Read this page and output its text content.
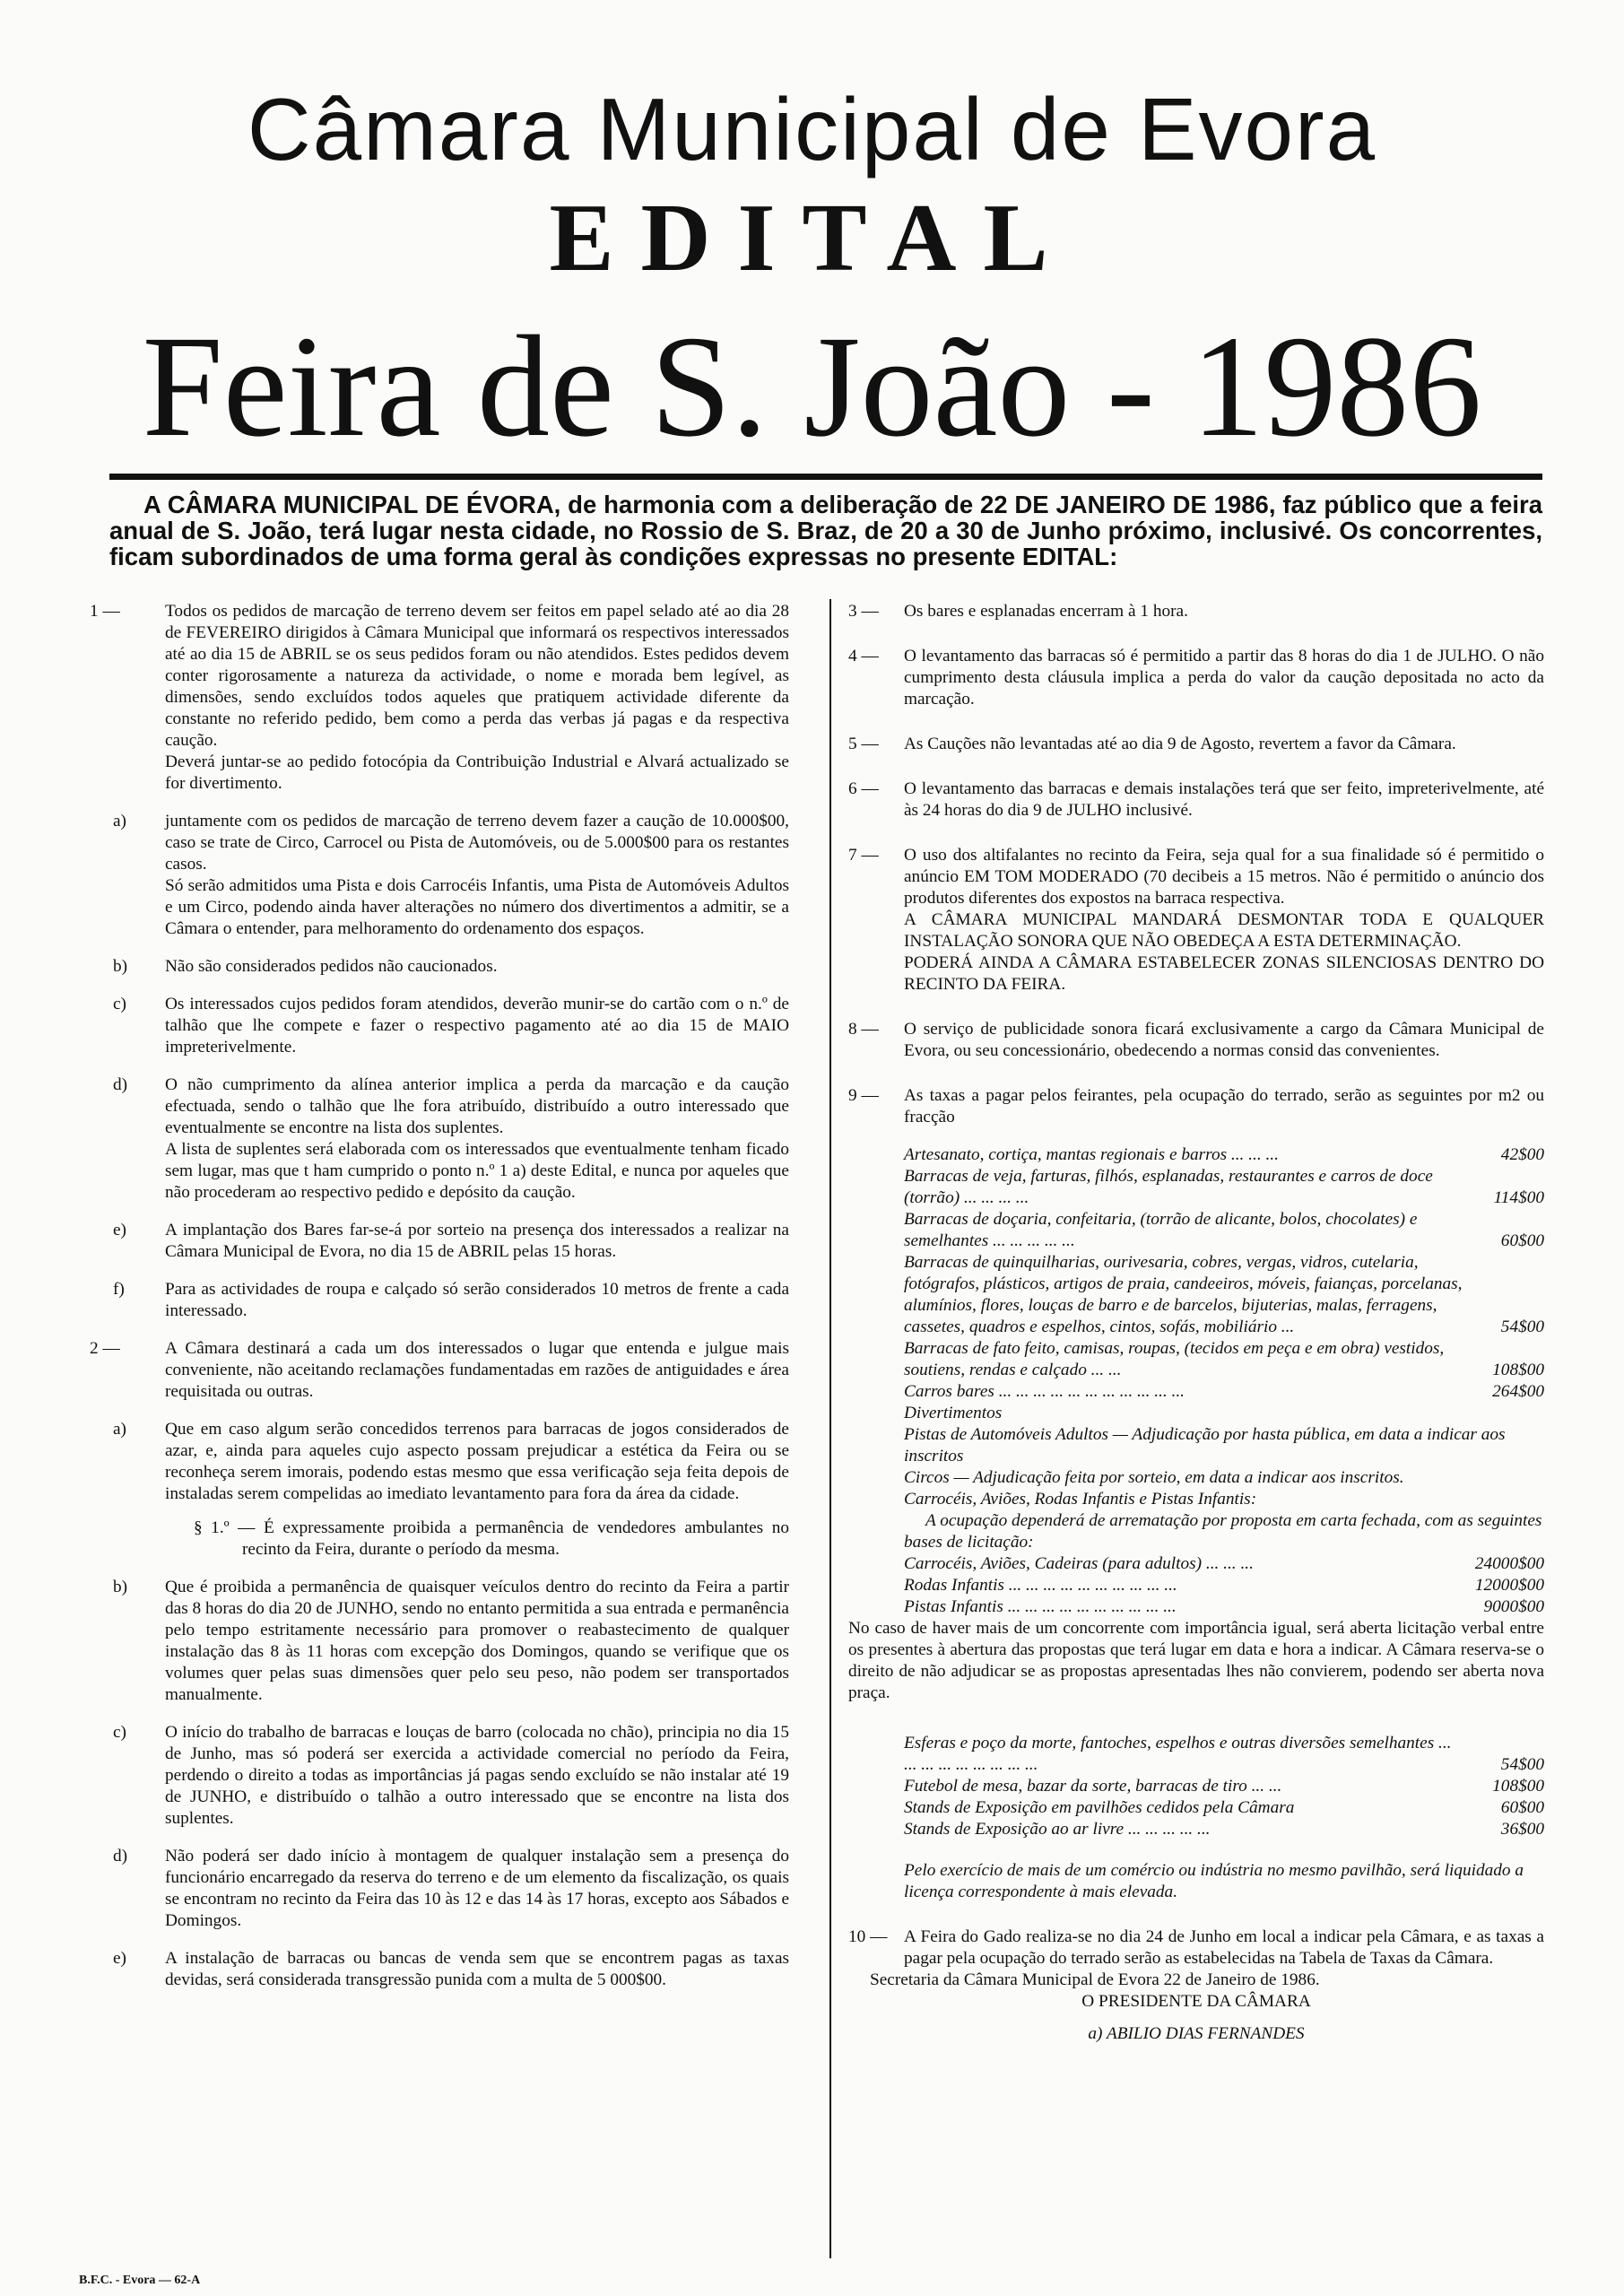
Câmara Municipal de Evora
EDITAL
Feira de S. João - 1986
A CÂMARA MUNICIPAL DE ÉVORA, de harmonia com a deliberação de 22 DE JANEIRO DE 1986, faz público que a feira anual de S. João, terá lugar nesta cidade, no Rossio de S. Braz, de 20 a 30 de Junho próximo, inclusivé. Os concorrentes, ficam subordinados de uma forma geral às condições expressas no presente EDITAL:
1 —	Todos os pedidos de marcação de terreno devem ser feitos em papel selado até ao dia 28 de FEVEREIRO dirigidos à Câmara Municipal que informará os respectivos interessados até ao dia 15 de ABRIL se os seus pedidos foram ou não atendidos. Estes pedidos devem conter rigorosamente a natureza da actividade, o nome e morada bem legível, as dimensões, sendo excluídos todos aqueles que pratiquem actividade diferente da constante no referido pedido, bem como a perda das verbas já pagas e da respectiva caução.

Deverá juntar-se ao pedido fotocópia da Contribuição Industrial e Alvará actualizado se for divertimento.

a) juntamente com os pedidos de marcação de terreno devem fazer a caução de 10.000$00, caso se trate de Circo, Carrocel ou Pista de Automóveis, ou de 5.000$00 para os restantes casos.

Só serão admitidos uma Pista e dois Carrocéis Infantis, uma Pista de Automóveis Adultos e um Circo, podendo ainda haver alterações no número dos divertimentos a admitir, se a Câmara o entender, para melhoramento do ordenamento dos espaços.

b) Não são considerados pedidos não caucionados.

c) Os interessados cujos pedidos foram atendidos, deverão munir-se do cartão com o n.º de talhão que lhe compete e fazer o respectivo pagamento até ao dia 15 de MAIO impreterivelmente.

d) O não cumprimento da alínea anterior implica a perda da marcação e da caução efectuada, sendo o talhão que lhe fora atribuído, distribuído a outro interessado que eventualmente se encontre na lista dos suplentes.

A lista de suplentes será elaborada com os interessados que eventualmente tenham ficado sem lugar, mas que t ham cumprido o ponto n.º 1 a) deste Edital, e nunca por aqueles que não procederam ao respectivo pedido e depósito da caução.

e) A implantação dos Bares far-se-á por sorteio na presença dos interessados a realizar na Câmara Municipal de Evora, no dia 15 de ABRIL pelas 15 horas.

f) Para as actividades de roupa e calçado só serão considerados 10 metros de frente a cada interessado.

2 —	A Câmara destinará a cada um dos interessados o lugar que entenda e julgue mais conveniente, não aceitando reclamações fundamentadas em razões de antiguidades e área requisitada ou outras.

a) Que em caso algum serão concedidos terrenos para barracas de jogos considerados de azar, e, ainda para aqueles cujo aspecto possam prejudicar a estética da Feira ou se reconheça serem imorais, podendo estas mesmo que essa verificação seja feita depois de instaladas serem compelidas ao imediato levantamento para fora da área da cidade.

§ 1.º — É expressamente proibida a permanência de vendedores ambulantes no recinto da Feira, durante o período da mesma.
b) Que é proibida a permanência de quaisquer veículos dentro do recinto da Feira a partir das 8 horas do dia 20 de JUNHO, sendo no entanto permitida a sua entrada e permanência pelo tempo estritamente necessário para promover o reabastecimento de qualquer instalação das 8 às 11 horas com excepção dos Domingos, quando se verifique que os volumes quer pelas suas dimensões quer pelo seu peso, não podem ser transportados manualmente.

c) O início do trabalho de barracas e louças de barro (colocada no chão), principia no dia 15 de Junho, mas só poderá ser exercida a actividade comercial no período da Feira, perdendo o direito a todas as importâncias já pagas sendo excluído se não instalar até 19 de JUNHO, e distribuído o talhão a outro interessado que se encontre na lista dos suplentes.

d) Não poderá ser dado início à montagem de qualquer instalação sem a presença do funcionário encarregado da reserva do terreno e de um elemento da fiscalização, os quais se encontram no recinto da Feira das 10 às 12 e das 14 às 17 horas, excepto aos Sábados e Domingos.

e) A instalação de barracas ou bancas de venda sem que se encontrem pagas as taxas devidas, será considerada transgressão punida com a multa de 5 000$00.

3 — Os bares e esplanadas encerram à 1 hora.

4 — O levantamento das barracas só é permitido a partir das 8 horas do dia 1 de JULHO. O não cumprimento desta cláusula implica a perda do valor da caução depositada no acto da marcação.

5 — As Cauções não levantadas até ao dia 9 de Agosto, revertem a favor da Câmara.

6 — O levantamento das barracas e demais instalações terá que ser feito, impreterivelmente, até às 24 horas do dia 9 de JULHO inclusivé.

7 — O uso dos altifalantes no recinto da Feira, seja qual for a sua finalidade só é permitido o anúncio EM TOM MODERADO (70 decibeis a 15 metros. Não é permitido o anúncio dos produtos diferentes dos expostos na barraca respectiva.

A CÂMARA MUNICIPAL MANDARÁ DESMONTAR TODA E QUALQUER INSTALAÇÃO SONORA QUE NÃO OBEDEÇA A ESTA DETERMINAÇÃO.

PODERÁ AINDA A CÂMARA ESTABELECER ZONAS SILENCIOSAS DENTRO DO RECINTO DA FEIRA.

8 — O serviço de publicidade sonora ficará exclusivamente a cargo da Câmara Municipal de Evora, ou seu concessionário, obedecendo a normas consid das convenientes.

9 — As taxas a pagar pelos feirantes, pela ocupação do terrado, serão as seguintes por m2 ou fracção

Artesanato, cortiça, mantas regionais e barros ... ... ...	42$00
Barracas de veja, farturas, filhós, esplanadas, restaurantes e carros de doce (torrão) ... ... ... ...	114$00
Barracas de doçaria, confeitaria, (torrão de alicante, bolos, chocolates) e semelhantes ... ... ... ... ...	60$00
Barracas de quinquilharias, ourivesaria, cobres, vergas, vidros, cutelaria, fotógrafos, plásticos, artigos de praia, candeeiros, móveis, faianças, porcelanas, alumínios, flores, louças de barro e de barcelos, bijuterias, malas, ferragens, cassetes, quadros e espelhos, cintos, sofás, mobiliário ...	54$00
Barracas de fato feito, camisas, roupas, (tecidos em peça e em obra) vestidos, soutiens, rendas e calçado ... ...	108$00
Carros bares ... ... ... ... ... ... ... ... ... ... ...	264$00

Divertimentos

Pistas de Automóveis Adultos — Adjudicação por hasta pública, em data a indicar aos inscritos

Circos — Adjudicação feita por sorteio, em data a indicar aos inscritos.

Carrocéis, Aviões, Rodas Infantis e Pistas Infantis:

A ocupação dependerá de arrematação por proposta em carta fechada, com as seguintes bases de licitação:

Carrocéis, Aviões, Cadeiras (para adultos) ... ... ...	24000$00
Rodas Infantis ... ... ... ... ... ... ... ... ... ...	12000$00
Pistas Infantis ... ... ... ... ... ... ... ... ... ...	9000$00

No caso de haver mais de um concorrente com importância igual, será aberta licitação verbal entre os presentes à abertura das propostas que terá lugar em data e hora a indicar. A Câmara reserva-se o direito de não adjudicar se as propostas apresentadas lhes não convierem, podendo ser aberta nova praça.

Esferas e poço da morte, fantoches, espelhos e outras diversões semelhantes ... ... ... ... ... ... ... ... ...	54$00
Futebol de mesa, bazar da sorte, barracas de tiro ... ...	108$00
Stands de Exposição em pavilhões cedidos pela Câmara	60$00
Stands de Exposição ao ar livre ... ... ... ... ...	36$00

Pelo exercício de mais de um comércio ou indústria no mesmo pavilhão, será liquidado a licença correspondente à mais elevada.

10 — A Feira do Gado realiza-se no dia 24 de Junho em local a indicar pela Câmara, e as taxas a pagar pela ocupação do terrado serão as estabelecidas na Tabela de Taxas da Câmara.

Secretaria da Câmara Municipal de Evora 22 de Janeiro de 1986.

O PRESIDENTE DA CÂMARA

a) ABILIO DIAS FERNANDES

B.F.C. - Evora — 62-A
